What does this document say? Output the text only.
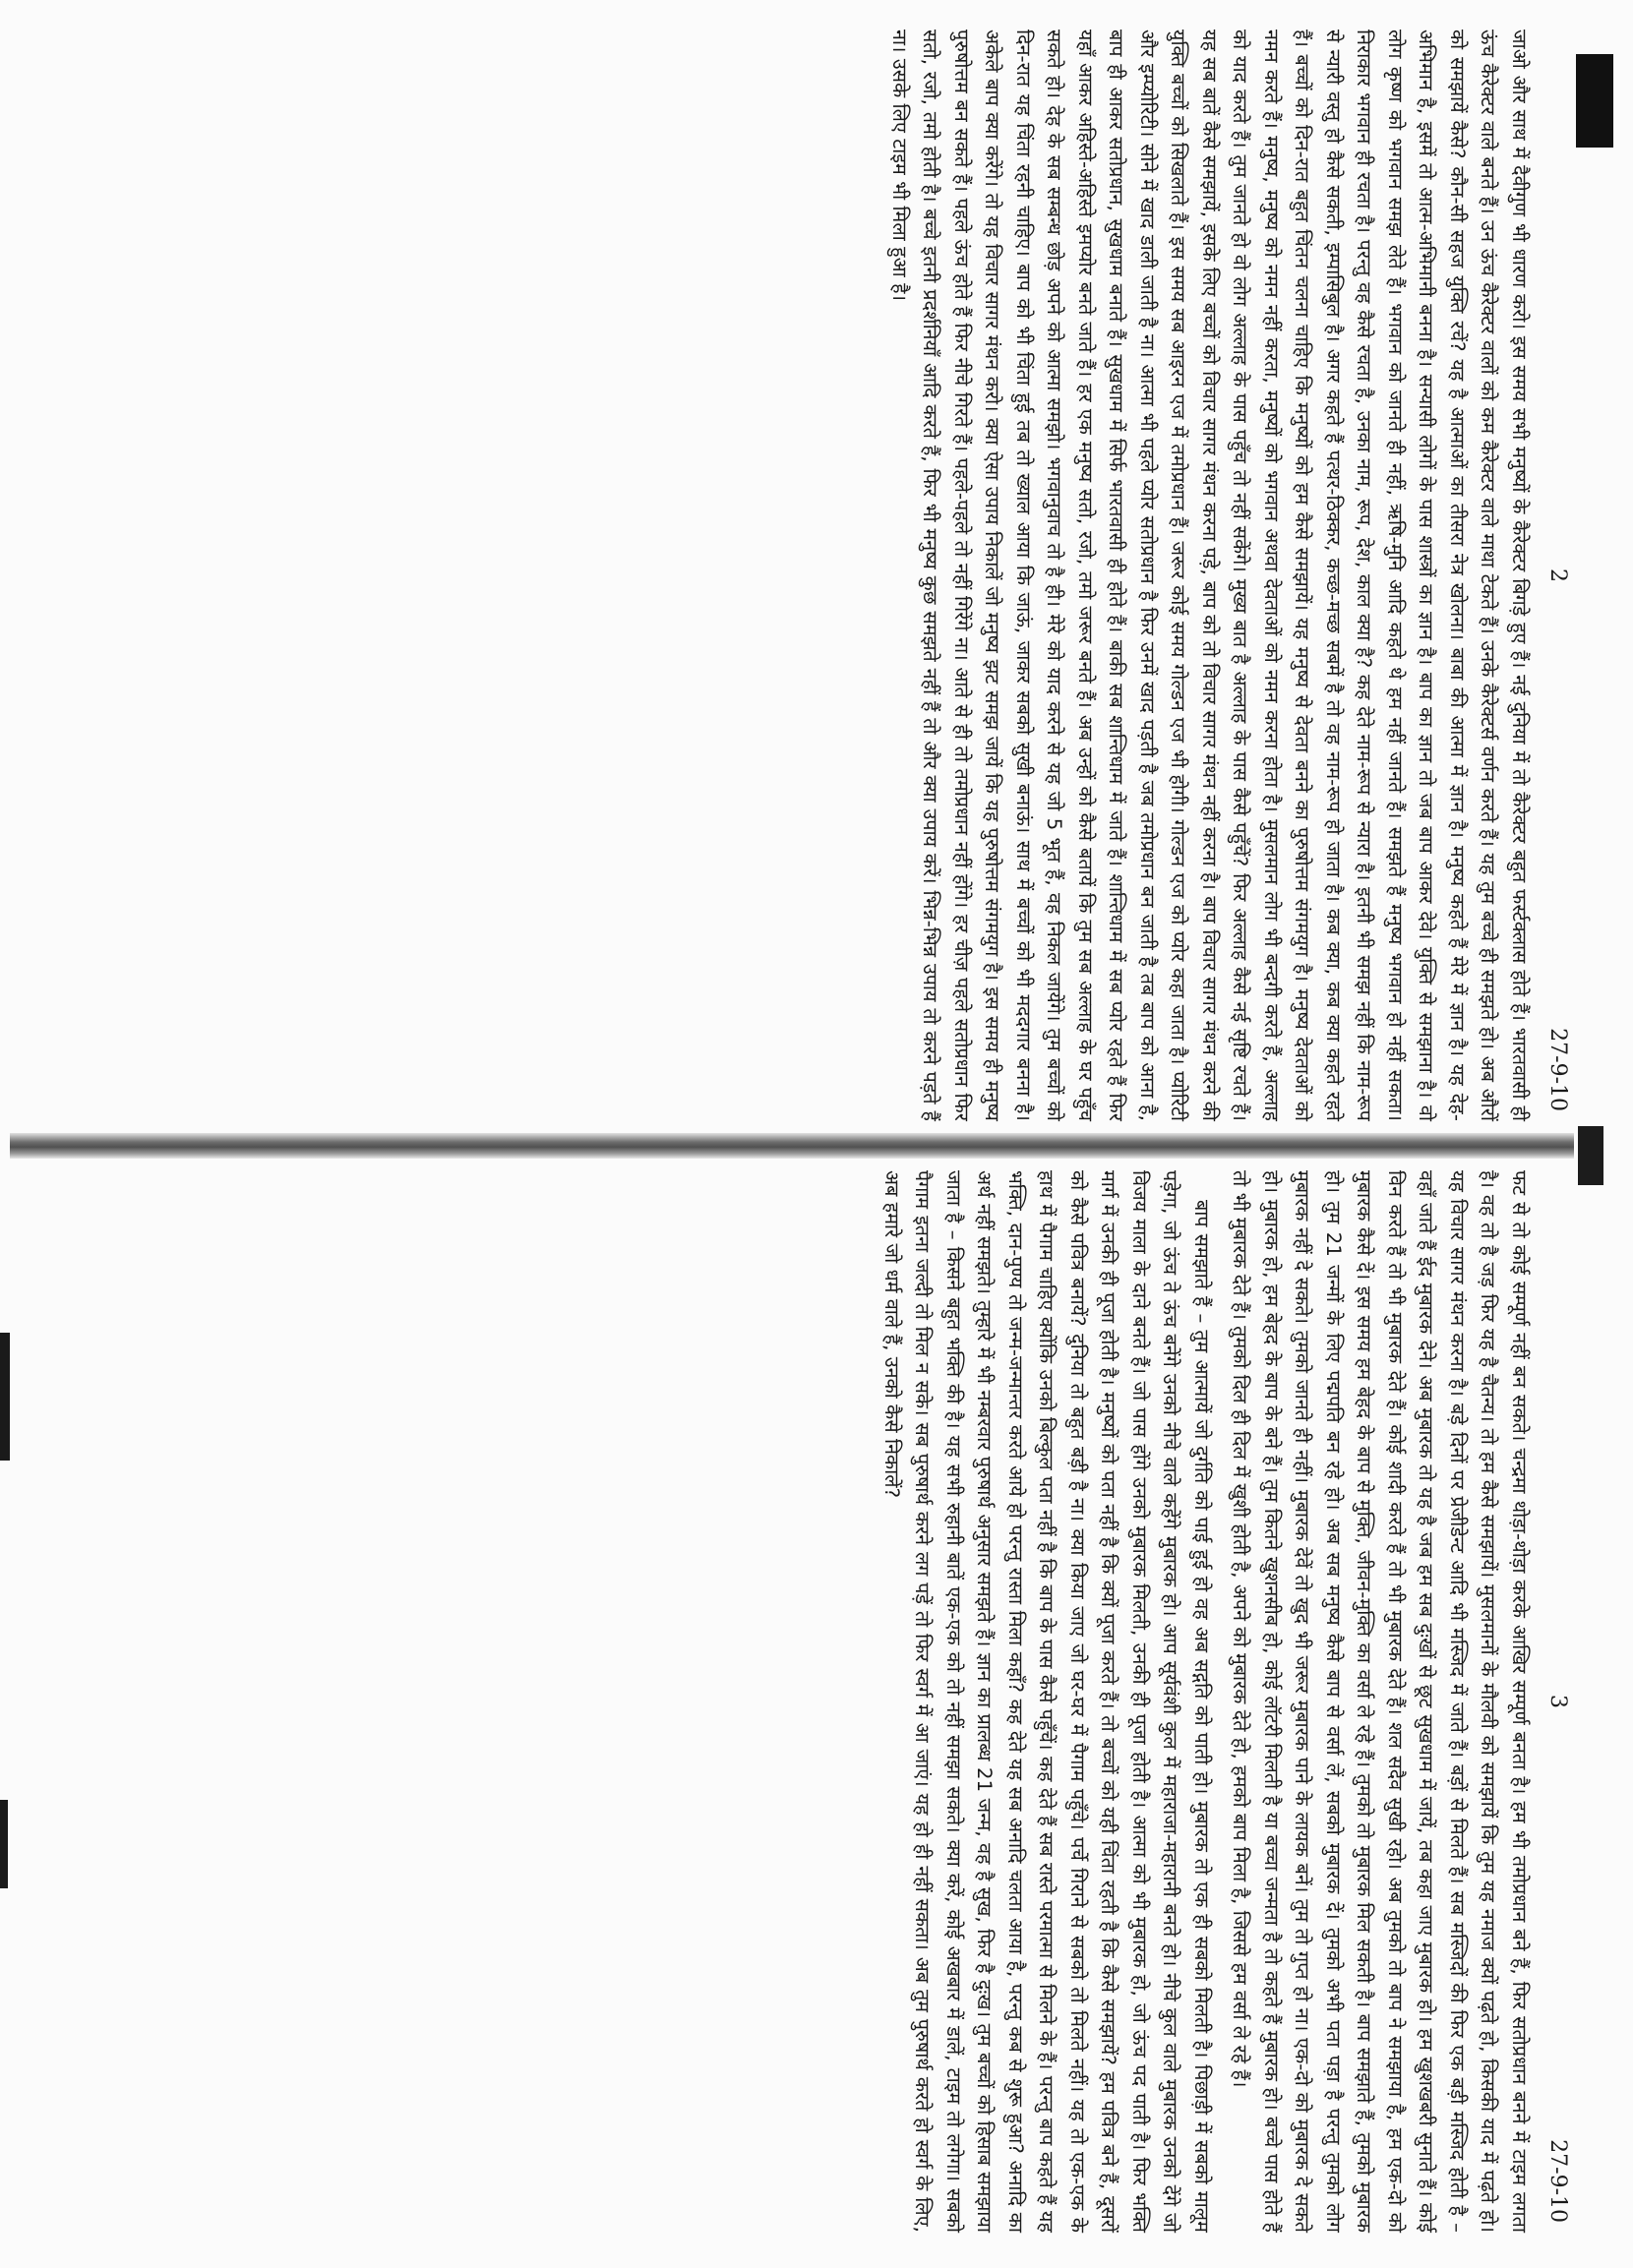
2
27-9-10

जाओ और साथ में दैवीगुण भी धारण करो। इस समय सभी मनुष्यों के कैरेक्टर बिगड़े हुए हैं। नई दुनिया में तो कैरेक्टर बहुत फर्स्टक्लास होते हैं। भारतवासी ही ऊंच कैरेक्टर वाले बनते हैं। उन ऊंच कैरेक्टर वालों को कम कैरेक्टर वाले माथा टेकते हैं। उनके कैरेक्टर्स वर्णन करते हैं। यह तुम बच्चे ही समझते हो। अब औरों को समझायें कैसे? कौन-सी सहज युक्ति रचें? यह है आत्माओं का तीसरा नेत्र खोलना। बाबा की आत्मा में ज्ञान है। मनुष्य कहते हैं मेरे में ज्ञान है। यह देह-अभिमान है, इसमें तो आत्म-अभिमानी बनना है। सन्यासी लोगों के पास शास्त्रों का ज्ञान है। बाप का ज्ञान तो जब बाप आकर देवे। युक्ति से समझाना है। वो लोग कृष्ण को भगवान समझ लेते हैं। भगवान को जानते ही नहीं, ऋषि-मुनि आदि कहते थे हम नहीं जानते हैं। समझते हैं मनुष्य भगवान हो नहीं सकता। निराकार भगवान ही रचता है। परन्तु वह कैसे रचता है, उनका नाम, रूप, देश, काल क्या है? कह देते नाम-रूप से न्यारा है। इतनी भी समझ नहीं कि नाम-रूप से न्यारी वस्तु हो कैसे सकती, इम्पासिबुल है। अगर कहते हैं पत्थर-ठिक्कर, कच्छ-मच्छ सबमें है तो वह नाम-रूप हो जाता है। कब क्या, कब क्या कहते रहते हैं। बच्चों को दिन-रात बहुत चिंतन चलना चाहिए कि मनुष्यों को हम कैसे समझायें। यह मनुष्य से देवता बनने का पुरुषोत्तम संगमयुग है। मनुष्य देवताओं को नमन करते हैं। मनुष्य, मनुष्य को नमन नहीं करता, मनुष्यों को भगवान अथवा देवताओं को नमन करना होता है। मुसलमान लोग भी बन्दगी करते हैं, अल्लाह को याद करते हैं। तुम जानते हो वो लोग अल्लाह के पास पहुँच तो नहीं सकेंगे। मुख्य बात है अल्लाह के पास कैसे पहुँचें? फिर अल्लाह कैसे नई सृष्टि रचते हैं। यह सब बातें कैसे समझायें, इसके लिए बच्चों को विचार सागर मंथन करना पड़े, बाप को तो विचार सागर मंथन नहीं करना है। बाप विचार सागर मंथन करने की युक्ति बच्चों को सिखलाते हैं। इस समय सब आइरन एज में तमोप्रधान हैं। जरूर कोई समय गोल्डन एज भी होगी। गोल्डन एज को प्योर कहा जाता है। प्योरिटी और इम्प्योरिटी। सोने में खाद डाली जाती है ना। आत्मा भी पहले प्योर सतोप्रधान है फिर उनमें खाद पड़ती है जब तमोप्रधान बन जाती है तब बाप को आना है, बाप ही आकर सतोप्रधान, सुखधाम बनाते हैं। सुखधाम में सिर्फ भारतवासी ही होते हैं। बाकी सब शान्तिधाम में जाते हैं। शान्तिधाम में सब प्योर रहते हैं फिर यहाँ आकर अहिस्ते-अहिस्ते इमप्योर बनते जाते हैं। हर एक मनुष्य सतो, रजो, तमो जरूर बनते हैं। अब उन्हों को कैसे बतायें कि तुम सब अल्लाह के घर पहुँच सकते हो। देह के सब सम्बन्ध छोड़ अपने को आत्मा समझो। भगवानुवाच तो है ही। मेरे को याद करने से यह जो 5 भूत हैं, वह निकल जायेंगे। तुम बच्चों को दिन-रात यह चिंता रहनी चाहिए। बाप को भी चिंता हुई तब तो ख्याल आया कि जाऊं, जाकर सबको सुखी बनाऊं। साथ में बच्चों को भी मददगार बनना है। अकेले बाप क्या करेंगे। तो यह विचार सागर मंथन करो। क्या ऐसा उपाय निकालें जो मनुष्य झट समझ जायें कि यह पुरुषोत्तम संगमयुग है। इस समय ही मनुष्य पुरुषोत्तम बन सकते हैं। पहले ऊंच होते हैं फिर नीचे गिरते हैं। पहले-पहले तो नहीं गिरेंगे ना। आते से ही तो तमोप्रधान नहीं होंगे। हर चीज़ पहले सतोप्रधान फिर सतो, रजो, तमो होती है। बच्चे इतनी प्रदर्शनियाँ आदि करते हैं, फिर भी मनुष्य कुछ समझते नहीं हैं तो और क्या उपाय करें। भिन्न-भिन्न उपाय तो करने पड़ते हैं ना। उसके लिए टाइम भी मिला हुआ है।

3
27-9-10

फट से तो कोई सम्पूर्ण नहीं बन सकते। चन्द्रमा थोड़ा-थोड़ा करके आखिर सम्पूर्ण बनता है। हम भी तमोप्रधान बने हैं, फिर सतोप्रधान बनने में टाइम लगता है। वह तो है जड़ फिर यह है चैतन्य। तो हम कैसे समझायें। मुसलमानों के मौलवी को समझायें कि तुम यह नमाज क्यों पढ़ते हो, किसकी याद में पढ़ते हो। यह विचार सागर मंथन करना है। बड़े दिनों पर प्रेजीडेन्ट आदि भी मस्जिद में जाते हैं। बड़ों से मिलते हैं। सब मस्जिदों की फिर एक बड़ी मस्जिद होती है – वहाँ जाते हैं ईद मुबारक देने। अब मुबारक तो यह है जब हम सब दुःखों से छूट सुखधाम में जायें, तब कहा जाए मुबारक हो। हम खुशखबरी सुनाते हैं। कोई विन करते हैं तो भी मुबारक देते हैं। कोई शादी करते हैं तो भी मुबारक देते हैं। शल सदैव सुखी रहो। अब तुमको तो बाप ने समझाया है, हम एक-दो को मुबारक कैसे दें। इस समय हम बेहद के बाप से मुक्ति, जीवन-मुक्ति का वर्सा ले रहे हैं। तुमको तो मुबारक मिल सकती है। बाप समझाते हैं, तुमको मुबारक हो। तुम 21 जन्मों के लिए पद्मपति बन रहे हो। अब सब मनुष्य कैसे बाप से वर्सा लें, सबको मुबारक दें। तुमको अभी पता पड़ा है परन्तु तुमको लोग मुबारक नहीं दे सकते। तुमको जानते ही नहीं। मुबारक देवें तो खुद भी जरूर मुबारक पाने के लायक बनें। तुम तो गुप्त हो ना। एक-दो को मुबारक दे सकते हो। मुबारक हो, हम बेहद के बाप के बने हैं। तुम कितने खुशनसीब हो, कोई लॉटरी मिलती है या बच्चा जन्मता है तो कहते हैं मुबारक हो। बच्चे पास होते हैं तो भी मुबारक देते हैं। तुमको दिल ही दिल में खुशी होती है, अपने को मुबारक देते हो, हमको बाप मिला है, जिससे हम वर्सा ले रहे हैं।

बाप समझाते हैं – तुम आत्मायें जो दुर्गति को पाई हुई हो वह अब सद्गति को पाती हो। मुबारक तो एक ही सबको मिलती है। पिछाड़ी में सबको मालूम पड़ेगा, जो ऊंच ते ऊंच बनेंगे उनको नीचे वाले कहेंगे मुबारक हो। आप सूर्यवंशी कुल में महाराजा-महारानी बनते हो। नीचे कुल वाले मुबारक उनको देंगे जो विजय माला के दाने बनते हैं। जो पास होंगे उनको मुबारक मिलती, उनकी ही पूजा होती है। आत्मा को भी मुबारक हो, जो ऊंच पद पाती है। फिर भक्ति मार्ग में उनकी ही पूजा होती है। मनुष्यों को पता नहीं है कि क्यों पूजा करते हैं। तो बच्चों को यही चिंता रहती है कि कैसे समझायें? हम पवित्र बने हैं, दूसरों को कैसे पवित्र बनायें? दुनिया तो बहुत बड़ी है ना। क्या किया जाए जो घर-घर में पैगाम पहुँचे। पर्चे गिराने से सबको तो मिलते नहीं। यह तो एक-एक के हाथ में पैगाम चाहिए क्योंकि उनको बिल्कुल पता नहीं है कि बाप के पास कैसे पहुँचें। कह देते हैं सब रास्ते परमात्मा से मिलने के हैं। परन्तु बाप कहते हैं यह भक्ति, दान-पुण्य तो जन्म-जन्मान्तर करते आये हो परन्तु रास्ता मिला कहाँ? कह देते यह सब अनादि चलता आया है, परन्तु कब से शुरू हुआ? अनादि का अर्थ नहीं समझते। तुम्हारे में भी नम्बरवार पुरुषार्थ अनुसार समझते हैं। ज्ञान का प्रालब्ध 21 जन्म, वह है सुख, फिर है दुःख। तुम बच्चों को हिसाब समझाया जाता है – किसने बहुत भक्ति की है। यह सभी रुहानी बातें एक-एक को तो नहीं समझा सकते। क्या करें, कोई अखबार में डालें, टाइम तो लगेगा। सबको पैगाम इतना जल्दी तो मिल न सके। सब पुरुषार्थ करने लग पड़ें तो फिर स्वर्ग में आ जाएं। यह हो ही नहीं सकता। अब तुम पुरुषार्थ करते हो स्वर्ग के लिए, अब हमारे जो धर्म वाले हैं, उनको कैसे निकालें?
